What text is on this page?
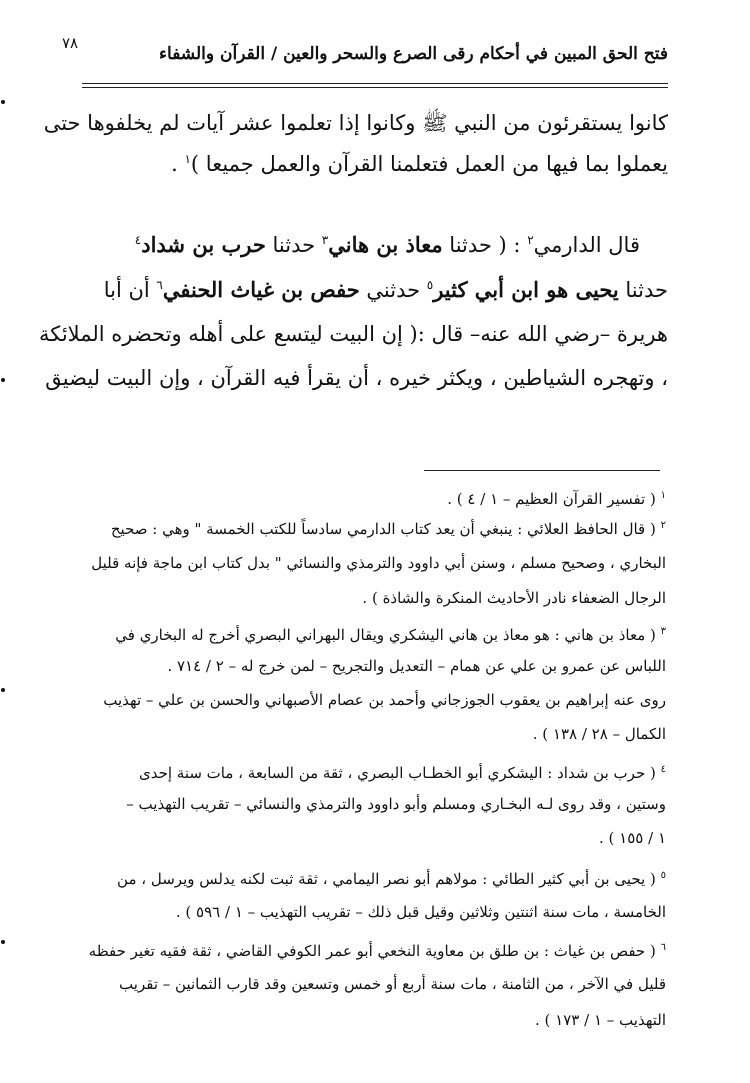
٧٨
فتح الحق المبين في أحكام رقى الصرع والسحر والعين / القرآن والشفاء
كانوا يستقرئون من النبي ﷺ وكانوا إذا تعلموا عشر آيات لم يخلفوها حتى
يعملوا بما فيها من العمل فتعلمنا القرآن والعمل جميعا )$^١$ .
قال الدارمي$^٢$ : ( حدثنا معاذ بن هاني$^٣$ حدثنا حرب بن شداد$^٤$
حدثنا يحيى هو ابن أبي كثير$^٥$ حدثني حفص بن غياث الحنفي$^٦$ أن أبا
هريرة –رضي الله عنه– قال :( إن البيت ليتسع على أهله وتحضره الملائكة
، وتهجره الشياطين ، ويكثر خيره ، أن يقرأ فيه القرآن ، وإن البيت ليضيق
$^١$ ( تفسير القرآن العظيم – ١ / ٤ ) .
$^٢$ ( قال الحافظ العلائي : ينبغي أن يعد كتاب الدارمي سادساً للكتب الخمسة " وهي : صحيح
البخاري ، وصحيح مسلم ، وسنن أبي داوود والترمذي والنسائي " بدل كتاب ابن ماجة فإنه قليل
الرجال الضعفاء نادر الأحاديث المنكرة والشاذة ) .
$^٣$ ( معاذ بن هاني : هو معاذ بن هاني اليشكري ويقال البهراني البصري أخرج له البخاري في
اللباس عن عمرو بن علي عن همام – التعديل والتجريح – لمن خرج له – ٢ / ٧١٤ .
روى عنه إبراهيم بن يعقوب الجوزجاني وأحمد بن عصام الأصبهاني والحسن بن علي – تهذيب
الكمال – ٢٨ / ١٣٨ ) .
$^٤$ ( حرب بن شداد : اليشكري أبو الخطـاب البصري ، ثقة من السابعة ، مات سنة إحدى
وستين ، وقد روى لـه البخـاري ومسلم وأبو داوود والترمذي والنسائي – تقريب التهذيب –
١ / ١٥٥ ) .
$^٥$ ( يحيى بن أبي كثير الطائي : مولاهم أبو نصر اليمامي ، ثقة ثبت لكنه يدلس ويرسل ، من
الخامسة ، مات سنة اثنتين وثلاثين وقيل قبل ذلك – تقريب التهذيب – ١ / ٥٩٦ ) .
$^٦$ ( حفص بن غياث : بن طلق بن معاوية النخعي أبو عمر الكوفي القاضي ، ثقة فقيه تغير حفظه
قليل في الآخر ، من الثامنة ، مات سنة أربع أو خمس وتسعين وقد قارب الثمانين – تقريب
التهذيب – ١ / ١٧٣ ) .
